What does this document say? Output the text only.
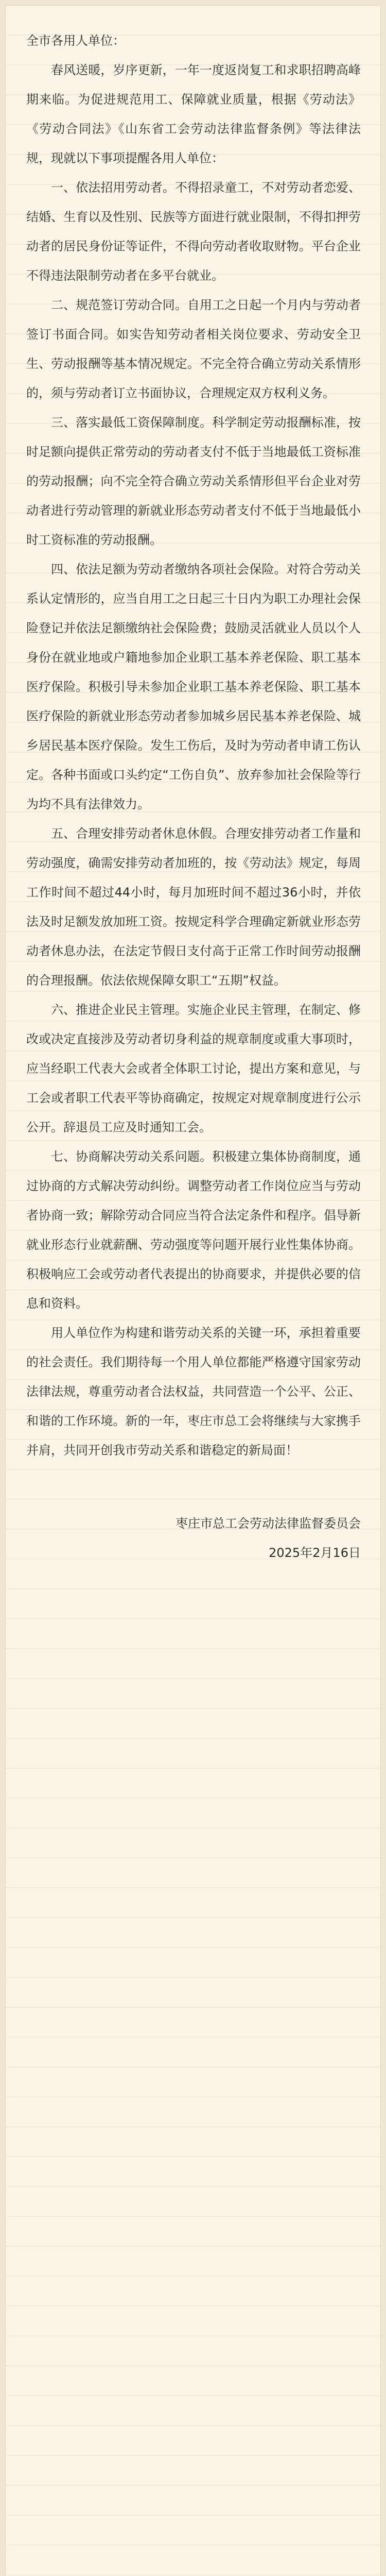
全市各用人单位：

春风送暖，岁序更新，一年一度返岗复工和求职招聘高峰期来临。为促进规范用工、保障就业质量，根据《劳动法》《劳动合同法》《山东省工会劳动法律监督条例》等法律法规，现就以下事项提醒各用人单位：

一、依法招用劳动者。不得招录童工，不对劳动者恋爱、结婚、生育以及性别、民族等方面进行就业限制，不得扣押劳动者的居民身份证等证件，不得向劳动者收取财物。平台企业不得违法限制劳动者在多平台就业。

二、规范签订劳动合同。自用工之日起一个月内与劳动者签订书面合同。如实告知劳动者相关岗位要求、劳动安全卫生、劳动报酬等基本情况规定。不完全符合确立劳动关系情形的，须与劳动者订立书面协议，合理规定双方权利义务。

三、落实最低工资保障制度。科学制定劳动报酬标准，按时足额向提供正常劳动的劳动者支付不低于当地最低工资标准的劳动报酬；向不完全符合确立劳动关系情形但平台企业对劳动者进行劳动管理的新就业形态劳动者支付不低于当地最低小时工资标准的劳动报酬。

四、依法足额为劳动者缴纳各项社会保险。对符合劳动关系认定情形的，应当自用工之日起三十日内为职工办理社会保险登记并依法足额缴纳社会保险费；鼓励灵活就业人员以个人身份在就业地或户籍地参加企业职工基本养老保险、职工基本医疗保险。积极引导未参加企业职工基本养老保险、职工基本医疗保险的新就业形态劳动者参加城乡居民基本养老保险、城乡居民基本医疗保险。发生工伤后，及时为劳动者申请工伤认定。各种书面或口头约定“工伤自负”、放弃参加社会保险等行为均不具有法律效力。

五、合理安排劳动者休息休假。合理安排劳动者工作量和劳动强度，确需安排劳动者加班的，按《劳动法》规定，每周工作时间不超过44小时，每月加班时间不超过36小时，并依法及时足额发放加班工资。按规定科学合理确定新就业形态劳动者休息办法，在法定节假日支付高于正常工作时间劳动报酬的合理报酬。依法依规保障女职工“五期”权益。

六、推进企业民主管理。实施企业民主管理，在制定、修改或决定直接涉及劳动者切身利益的规章制度或重大事项时，应当经职工代表大会或者全体职工讨论，提出方案和意见，与工会或者职工代表平等协商确定，按规定对规章制度进行公示公开。辞退员工应及时通知工会。

七、协商解决劳动关系问题。积极建立集体协商制度，通过协商的方式解决劳动纠纷。调整劳动者工作岗位应当与劳动者协商一致；解除劳动合同应当符合法定条件和程序。倡导新就业形态行业就薪酬、劳动强度等问题开展行业性集体协商。积极响应工会或劳动者代表提出的协商要求，并提供必要的信息和资料。

用人单位作为构建和谐劳动关系的关键一环，承担着重要的社会责任。我们期待每一个用人单位都能严格遵守国家劳动法律法规，尊重劳动者合法权益，共同营造一个公平、公正、和谐的工作环境。新的一年，枣庄市总工会将继续与大家携手并肩，共同开创我市劳动关系和谐稳定的新局面！

枣庄市总工会劳动法律监督委员会

2025年2月16日
